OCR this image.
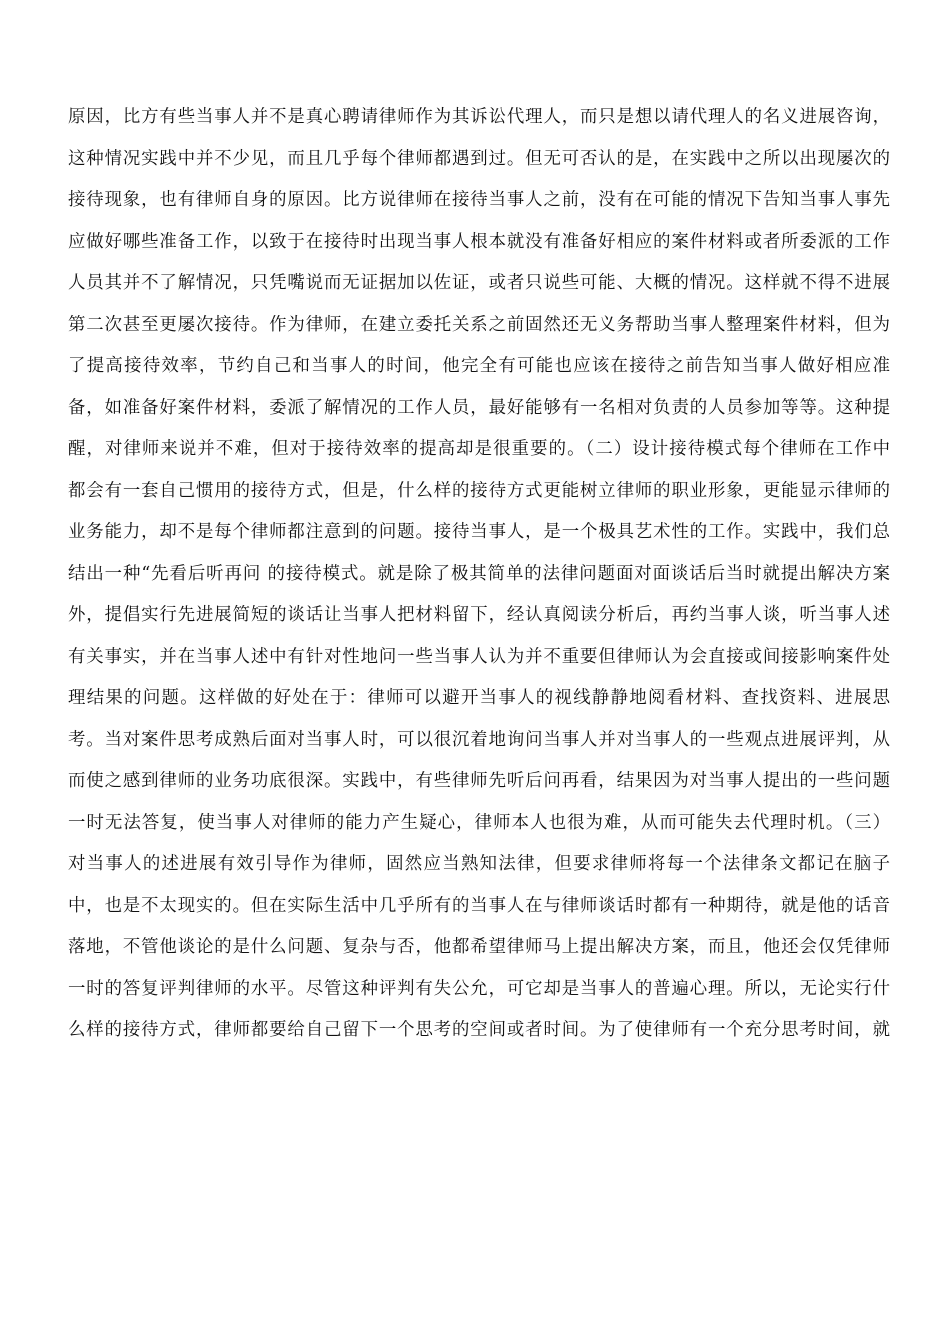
原因，比方有些当事人并不是真心聘请律师作为其诉讼代理人，而只是想以请代理人的名义进展咨询，
这种情况实践中并不少见，而且几乎每个律师都遇到过。但无可否认的是，在实践中之所以出现屡次的
接待现象，也有律师自身的原因。比方说律师在接待当事人之前，没有在可能的情况下告知当事人事先
应做好哪些准备工作，以致于在接待时出现当事人根本就没有准备好相应的案件材料或者所委派的工作
人员其并不了解情况，只凭嘴说而无证据加以佐证，或者只说些可能、大概的情况。这样就不得不进展
第二次甚至更屡次接待。作为律师，在建立委托关系之前固然还无义务帮助当事人整理案件材料，但为
了提高接待效率，节约自己和当事人的时间，他完全有可能也应该在接待之前告知当事人做好相应准
备，如准备好案件材料，委派了解情况的工作人员，最好能够有一名相对负责的人员参加等等。这种提
醒，对律师来说并不难，但对于接待效率的提高却是很重要的。（二）设计接待模式每个律师在工作中
都会有一套自己惯用的接待方式，但是，什么样的接待方式更能树立律师的职业形象，更能显示律师的
业务能力，却不是每个律师都注意到的问题。接待当事人，是一个极具艺术性的工作。实践中，我们总
结出一种“先看后听再问 的接待模式。就是除了极其简单的法律问题面对面谈话后当时就提出解决方案
外，提倡实行先进展简短的谈话让当事人把材料留下，经认真阅读分析后，再约当事人谈，听当事人述
有关事实，并在当事人述中有针对性地问一些当事人认为并不重要但律师认为会直接或间接影响案件处
理结果的问题。这样做的好处在于：律师可以避开当事人的视线静静地阅看材料、查找资料、进展思
考。当对案件思考成熟后面对当事人时，可以很沉着地询问当事人并对当事人的一些观点进展评判，从
而使之感到律师的业务功底很深。实践中，有些律师先听后问再看，结果因为对当事人提出的一些问题
一时无法答复，使当事人对律师的能力产生疑心，律师本人也很为难，从而可能失去代理时机。（三）
对当事人的述进展有效引导作为律师，固然应当熟知法律，但要求律师将每一个法律条文都记在脑子
中，也是不太现实的。但在实际生活中几乎所有的当事人在与律师谈话时都有一种期待，就是他的话音
落地，不管他谈论的是什么问题、复杂与否，他都希望律师马上提出解决方案，而且，他还会仅凭律师
一时的答复评判律师的水平。尽管这种评判有失公允，可它却是当事人的普遍心理。所以，无论实行什
么样的接待方式，律师都要给自己留下一个思考的空间或者时间。为了使律师有一个充分思考时间，就
